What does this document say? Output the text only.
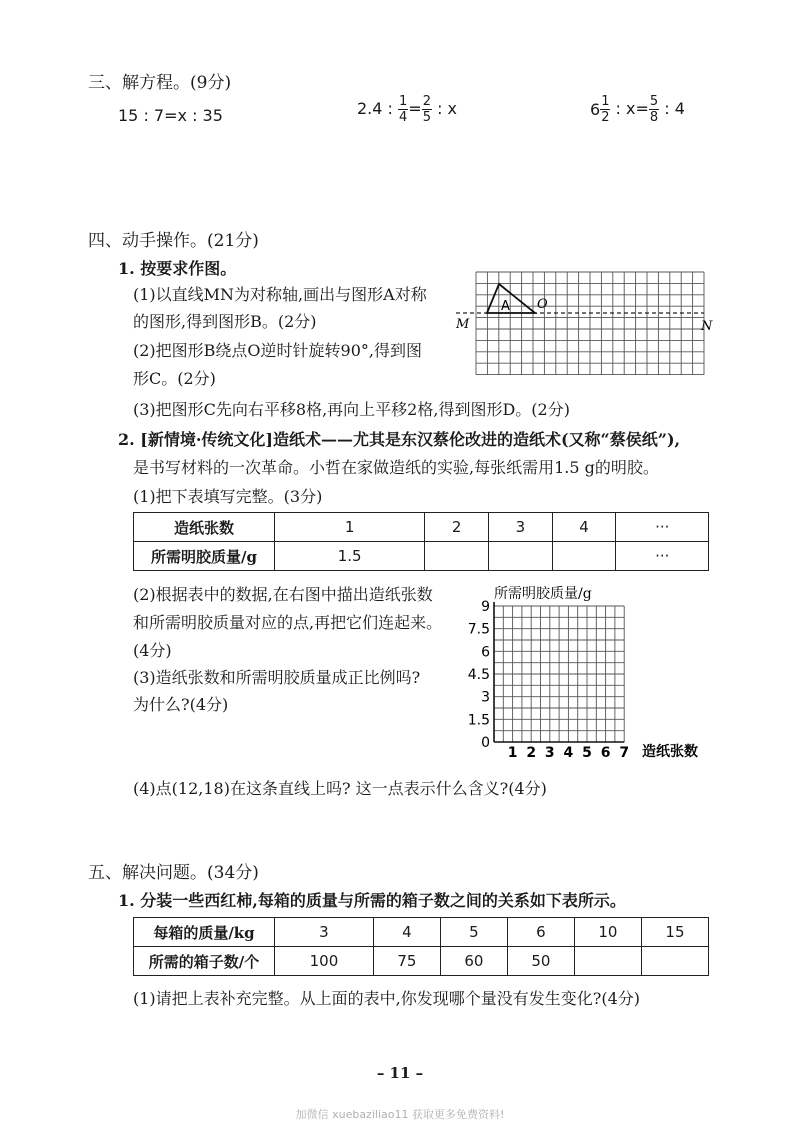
三、解方程。(9分)
15 : 7=x : 35	2.4 : $\frac{1}{4} = \frac{2}{5}$ : x	$6 \frac{1}{2}$ : $x= \frac{5}{8}$ : 4
四、动手操作。(21分)
1. 按要求作图。
(1)以直线MN为对称轴,画出与图形A对称
的图形,得到图形B。(2分)
(2)把图形B绕点O逆时针旋转90°,得到图
形C。(2分)
(3)把图形C先向右平移8格,再向上平移2格,得到图形D。(2分)
A O
M	N
2. [新情境·传统文化]造纸术——尤其是东汉蔡伦改进的造纸术(又称“蔡侯纸”),
是书写材料的一次革命。小哲在家做造纸的实验,每张纸需用1.5 g的明胶。
(1)把下表填写完整。(3分)
造纸张数	1	2	3	4	···
所需明胶质量/g	1.5				···
(2)根据表中的数据,在右图中描出造纸张数
和所需明胶质量对应的点,再把它们连起来。
(4分)
(3)造纸张数和所需明胶质量成正比例吗?
为什么?(4分)
所需明胶质量/g
造纸张数
0
1.5
3
4.5
6
7.5
9
1 2 3 4 5 6 7
(4)点(12,18)在这条直线上吗? 这一点表示什么含义?(4分)
五、解决问题。(34分)
1. 分装一些西红柿,每箱的质量与所需的箱子数之间的关系如下表所示。
每箱的质量/kg	3	4	5	6	10	15
所需的箱子数/个	100	75	60	50		
(1)请把上表补充完整。从上面的表中,你发现哪个量没有发生变化?(4分)
– 11 –
加微信 xuebaziliao11 获取更多免费资料!
